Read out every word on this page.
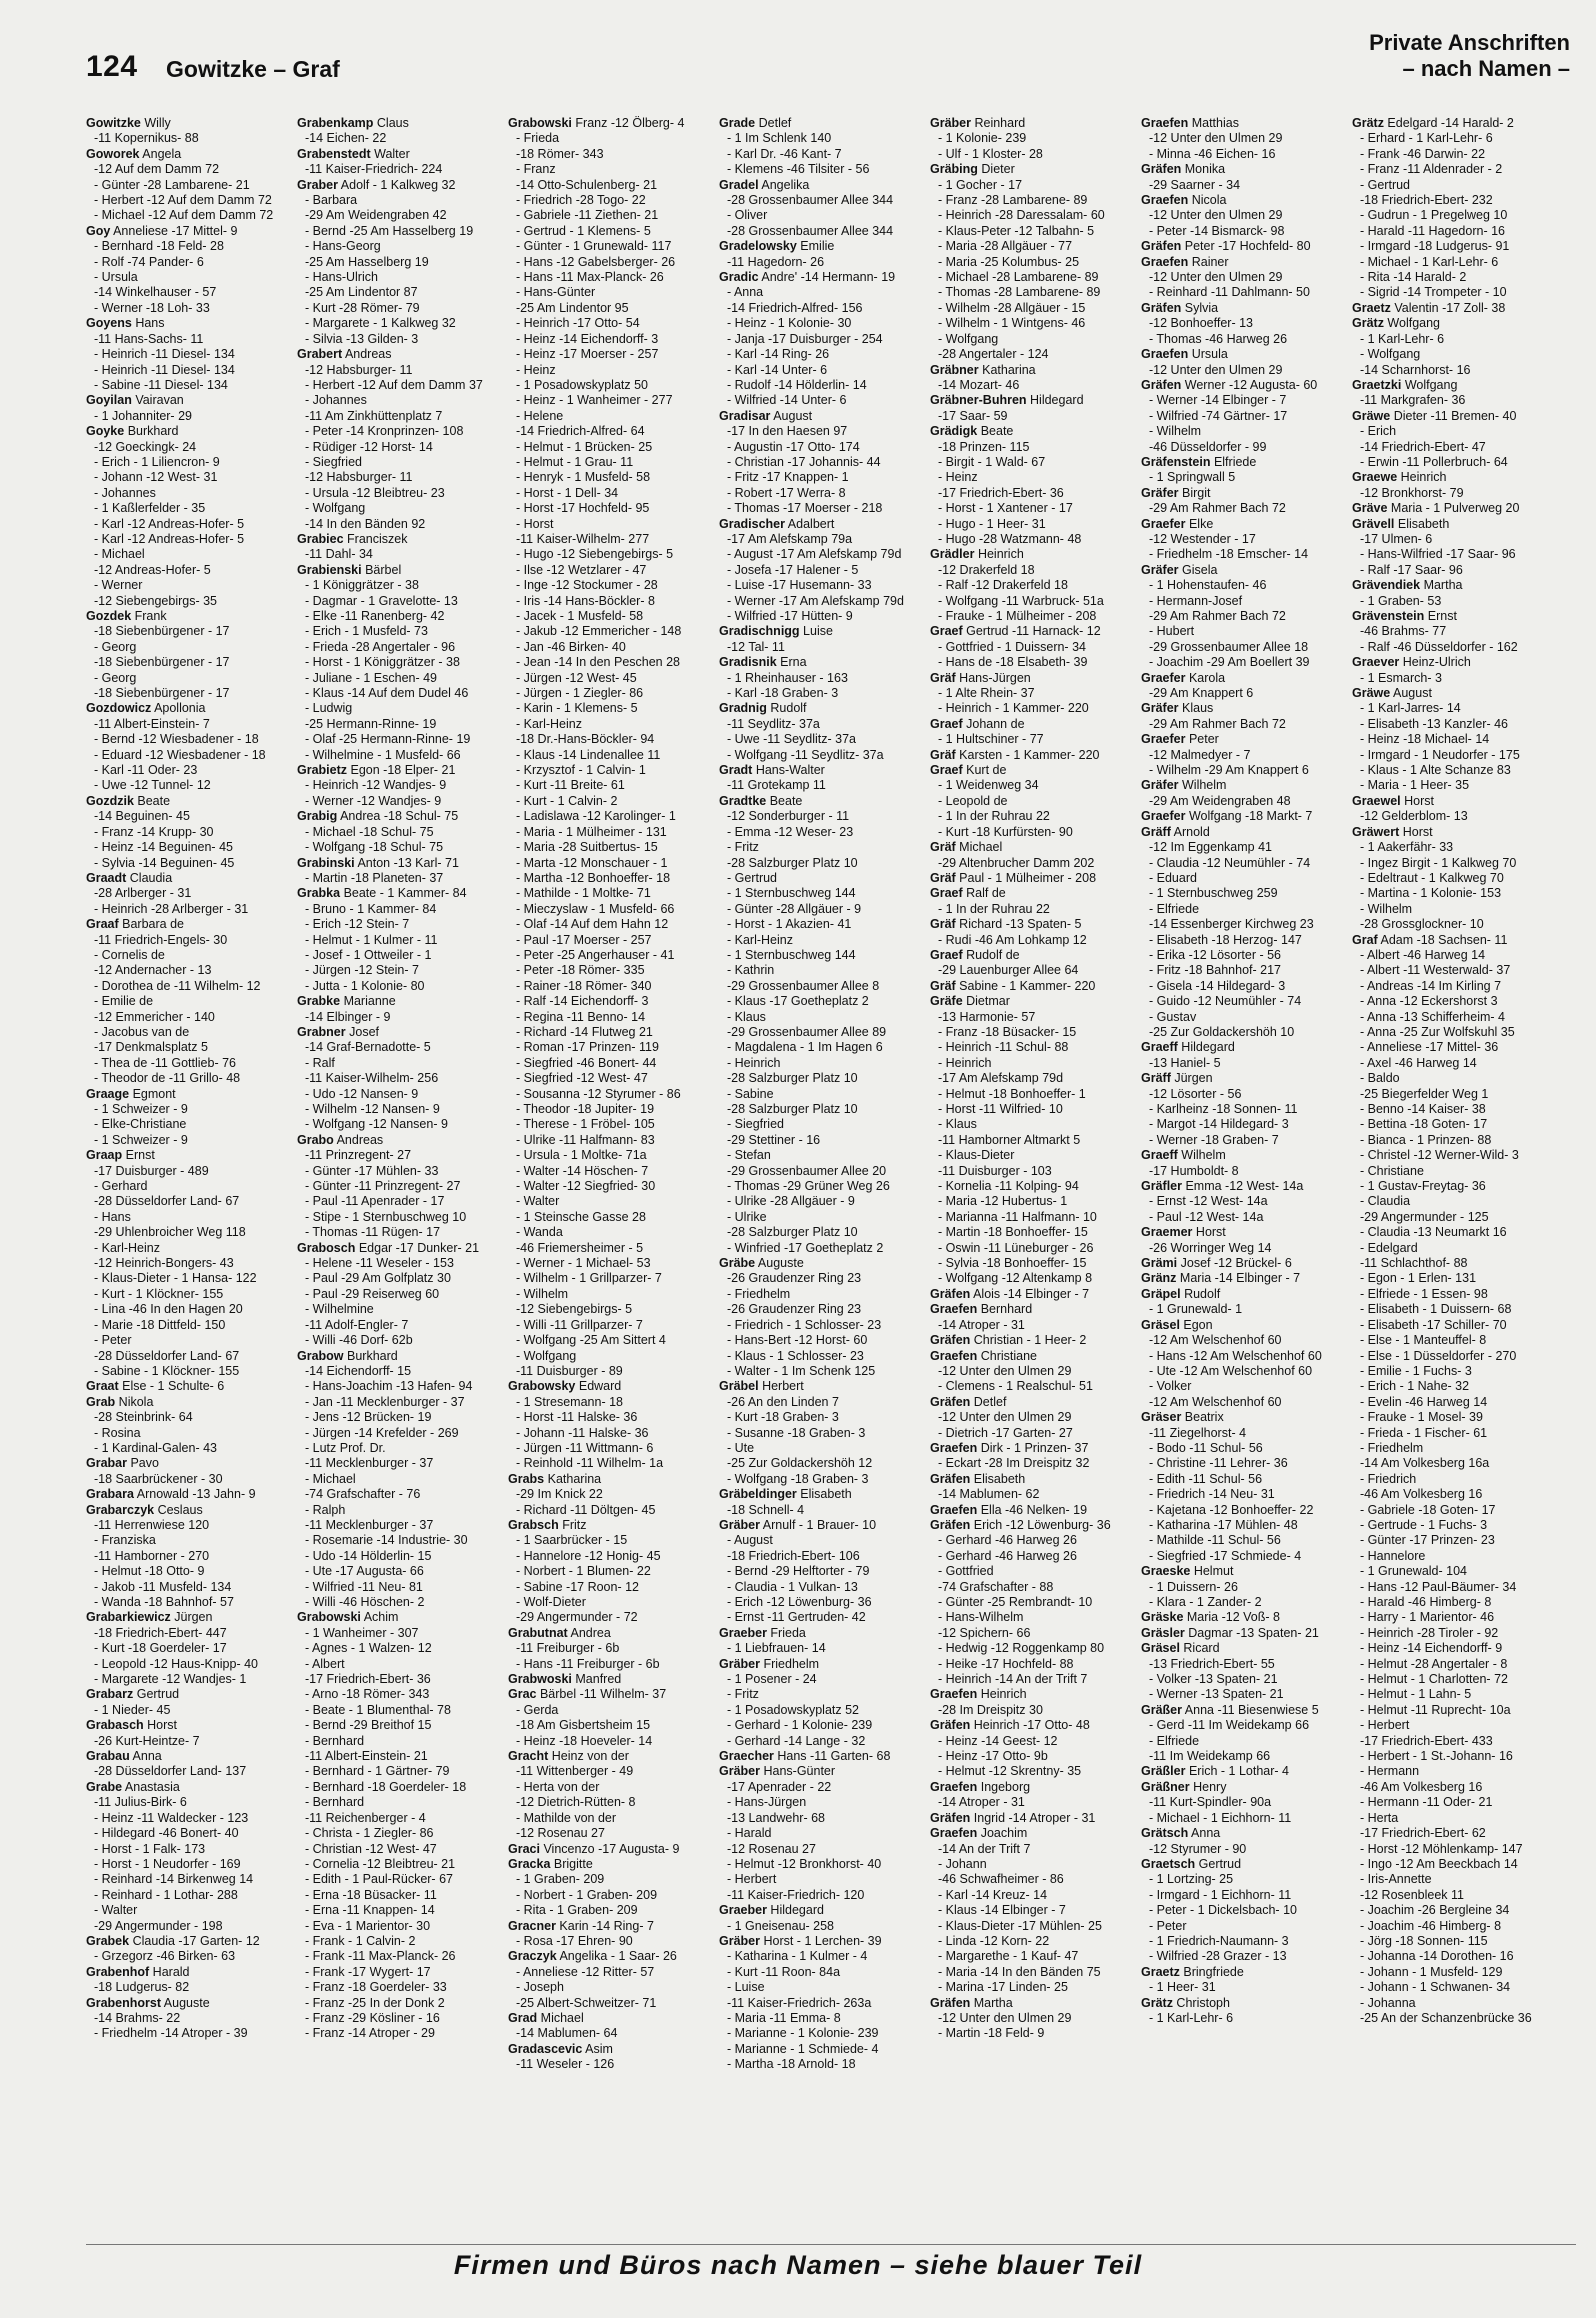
124 Gowitzke – Graf
Private Anschriften
– nach Namen –
Gowitzke Willy
-11 Kopernikus- 88
Goworek Angela
-12 Auf dem Damm 72
- Günter -28 Lambarene- 21
- Herbert -12 Auf dem Damm 72
- Michael -12 Auf dem Damm 72
Goy Anneliese -17 Mittel- 9
- Bernhard -18 Feld- 28
- Rolf -74 Pander- 6
- Ursula
-14 Winkelhauser - 57
- Werner -18 Loh- 33
Goyens Hans
-11 Hans-Sachs- 11
- Heinrich -11 Diesel- 134
- Heinrich -11 Diesel- 134
- Sabine -11 Diesel- 134
Goyilan Vairavan
- 1 Johanniter- 29
Goyke Burkhard
-12 Goeckingk- 24
- Erich - 1 Liliencron- 9
- Johann -12 West- 31
- Johannes
- 1 Kaßlerfelder - 35
- Karl -12 Andreas-Hofer- 5
- Karl -12 Andreas-Hofer- 5
- Michael
-12 Andreas-Hofer- 5
- Werner
-12 Siebengebirgs- 35
Gozdek Frank
-18 Siebenbürgener - 17
- Georg
-18 Siebenbürgener - 17
- Georg
-18 Siebenbürgener - 17
Gozdowicz Apollonia
-11 Albert-Einstein- 7
- Bernd -12 Wiesbadener - 18
- Eduard -12 Wiesbadener - 18
- Karl -11 Oder- 23
- Uwe -12 Tunnel- 12
Gozdzik Beate
-14 Beguinen- 45
- Franz -14 Krupp- 30
- Heinz -14 Beguinen- 45
- Sylvia -14 Beguinen- 45
Graadt Claudia
-28 Arlberger - 31
- Heinrich -28 Arlberger - 31
Graaf Barbara de
-11 Friedrich-Engels- 30
- Cornelis de
-12 Andernacher - 13
- Dorothea de -11 Wilhelm- 12
- Emilie de
-12 Emmericher - 140
- Jacobus van de
-17 Denkmalsplatz 5
- Thea de -11 Gottlieb- 76
- Theodor de -11 Grillo- 48
Graage Egmont
- 1 Schweizer - 9
- Elke-Christiane
- 1 Schweizer - 9
Graap Ernst
-17 Duisburger - 489
- Gerhard
-28 Düsseldorfer Land- 67
- Hans
-29 Uhlenbroicher Weg 118
- Karl-Heinz
-12 Heinrich-Bongers- 43
- Klaus-Dieter - 1 Hansa- 122
- Kurt - 1 Klöckner- 155
- Lina -46 In den Hagen 20
- Marie -18 Dittfeld- 150
- Peter
-28 Düsseldorfer Land- 67
- Sabine - 1 Klöckner- 155
Graat Else - 1 Schulte- 6
Grab Nikola
-28 Steinbrink- 64
- Rosina
- 1 Kardinal-Galen- 43
Grabar Pavo
-18 Saarbrückener - 30
Grabara Arnowald -13 Jahn- 9
Grabarczyk Ceslaus
-11 Herrenwiese 120
- Franziska
-11 Hamborner - 270
- Helmut -18 Otto- 9
- Jakob -11 Musfeld- 134
- Wanda -18 Bahnhof- 57
Grabarkiewicz Jürgen
-18 Friedrich-Ebert- 447
- Kurt -18 Goerdeler- 17
- Leopold -12 Haus-Knipp- 40
- Margarete -12 Wandjes- 1
Grabarz Gertrud
- 1 Nieder- 45
Grabasch Horst
-26 Kurt-Heintze- 7
Grabau Anna
-28 Düsseldorfer Land- 137
Grabe Anastasia
-11 Julius-Birk- 6
- Heinz -11 Waldecker - 123
- Hildegard -46 Bonert- 40
- Horst - 1 Falk- 173
- Horst - 1 Neudorfer - 169
- Reinhard -14 Birkenweg 14
- Reinhard - 1 Lothar- 288
- Walter
-29 Angermunder - 198
Grabek Claudia -17 Garten- 12
- Grzegorz -46 Birken- 63
Grabenhof Harald
-18 Ludgerus- 82
Grabenhorst Auguste
-14 Brahms- 22
- Friedhelm -14 Atroper - 39
Grabenkamp Claus
-14 Eichen- 22
Grabenstedt Walter
-11 Kaiser-Friedrich- 224
Graber Adolf - 1 Kalkweg 32
- Barbara
-29 Am Weidengraben 42
- Bernd -25 Am Hasselberg 19
- Hans-Georg
-25 Am Hasselberg 19
- Hans-Ulrich
-25 Am Lindentor 87
- Kurt -28 Römer- 79
- Margarete - 1 Kalkweg 32
- Silvia -13 Gilden- 3
Grabert Andreas
-12 Habsburger- 11
- Herbert -12 Auf dem Damm 37
- Johannes
-11 Am Zinkhüttenplatz 7
- Peter -14 Kronprinzen- 108
- Rüdiger -12 Horst- 14
- Siegfried
-12 Habsburger- 11
- Ursula -12 Bleibtreu- 23
- Wolfgang
-14 In den Bänden 92
Grabiec Franciszek
-11 Dahl- 34
Grabienski Bärbel
- 1 Königgrätzer - 38
- Dagmar - 1 Gravelotte- 13
- Elke -11 Ranenberg- 42
- Erich - 1 Musfeld- 73
- Frieda -28 Angertaler - 96
- Horst - 1 Königgrätzer - 38
- Juliane - 1 Eschen- 49
- Klaus -14 Auf dem Dudel 46
- Ludwig
-25 Hermann-Rinne- 19
- Olaf -25 Hermann-Rinne- 19
- Wilhelmine - 1 Musfeld- 66
Grabietz Egon -18 Elper- 21
- Heinrich -12 Wandjes- 9
- Werner -12 Wandjes- 9
Grabig Andrea -18 Schul- 75
- Michael -18 Schul- 75
- Wolfgang -18 Schul- 75
Grabinski Anton -13 Karl- 71
- Martin -18 Planeten- 37
Grabka Beate - 1 Kammer- 84
- Bruno - 1 Kammer- 84
- Erich -12 Stein- 7
- Helmut - 1 Kulmer - 11
- Josef - 1 Ottweiler - 1
- Jürgen -12 Stein- 7
- Jutta - 1 Kolonie- 80
Grabke Marianne
-14 Elbinger - 9
Grabner Josef
-14 Graf-Bernadotte- 5
- Ralf
-11 Kaiser-Wilhelm- 256
- Udo -12 Nansen- 9
- Wilhelm -12 Nansen- 9
- Wolfgang -12 Nansen- 9
Grabo Andreas
-11 Prinzregent- 27
- Günter -17 Mühlen- 33
- Günter -11 Prinzregent- 27
- Paul -11 Apenrader - 17
- Stipe - 1 Sternbuschweg 10
- Thomas -11 Rügen- 17
Grabosch Edgar -17 Dunker- 21
- Helene -11 Weseler - 153
- Paul -29 Am Golfplatz 30
- Paul -29 Reiserweg 60
- Wilhelmine
-11 Adolf-Engler- 7
- Willi -46 Dorf- 62b
Grabow Burkhard
-14 Eichendorff- 15
- Hans-Joachim -13 Hafen- 94
- Jan -11 Mecklenburger - 37
- Jens -12 Brücken- 19
- Jürgen -14 Krefelder - 269
- Lutz Prof. Dr.
-11 Mecklenburger - 37
- Michael
-74 Grafschafter - 76
- Ralph
-11 Mecklenburger - 37
- Rosemarie -14 Industrie- 30
- Udo -14 Hölderlin- 15
- Ute -17 Augusta- 66
- Wilfried -11 Neu- 81
- Willi -46 Höschen- 2
Grabowski Achim
- 1 Wanheimer - 307
- Agnes - 1 Walzen- 12
- Albert
-17 Friedrich-Ebert- 36
- Arno -18 Römer- 343
- Beate - 1 Blumenthal- 78
- Bernd -29 Breithof 15
- Bernhard
-11 Albert-Einstein- 21
- Bernhard - 1 Gärtner- 79
- Bernhard -18 Goerdeler- 18
- Bernhard
-11 Reichenberger - 4
- Christa - 1 Ziegler- 86
- Christian -12 West- 47
- Cornelia -12 Bleibtreu- 21
- Edith - 1 Paul-Rücker- 67
- Erna -18 Büsacker- 11
- Erna -11 Knappen- 14
- Eva - 1 Marientor- 30
- Frank - 1 Calvin- 2
- Frank -11 Max-Planck- 26
- Frank -17 Wygert- 17
- Franz -18 Goerdeler- 33
- Franz -25 In der Donk 2
- Franz -29 Kösliner - 16
- Franz -14 Atroper - 29
Grabowski Franz -12 Ölberg- 4
- Frieda
-18 Römer- 343
- Franz
-14 Otto-Schulenberg- 21
- Friedrich -28 Togo- 22
- Gabriele -11 Ziethen- 21
- Gertrud - 1 Klemens- 5
- Günter - 1 Grunewald- 117
- Hans -12 Gabelsberger- 26
- Hans -11 Max-Planck- 26
- Hans-Günter
-25 Am Lindentor 95
- Heinrich -17 Otto- 54
- Heinz -14 Eichendorff- 3
- Heinz -17 Moerser - 257
- Heinz
- 1 Posadowskyplatz 50
- Heinz - 1 Wanheimer - 277
- Helene
-14 Friedrich-Alfred- 64
- Helmut - 1 Brücken- 25
- Helmut - 1 Grau- 11
- Henryk - 1 Musfeld- 58
- Horst - 1 Dell- 34
- Horst -17 Hochfeld- 95
- Horst
-11 Kaiser-Wilhelm- 277
- Hugo -12 Siebengebirgs- 5
- Ilse -12 Wetzlarer - 47
- Inge -12 Stockumer - 28
- Iris -14 Hans-Böckler- 8
- Jacek - 1 Musfeld- 58
- Jakub -12 Emmericher - 148
- Jan -46 Birken- 40
- Jean -14 In den Peschen 28
- Jürgen -12 West- 45
- Jürgen - 1 Ziegler- 86
- Karin - 1 Klemens- 5
- Karl-Heinz
-18 Dr.-Hans-Böckler- 94
- Klaus -14 Lindenallee 11
- Krzysztof - 1 Calvin- 1
- Kurt -11 Breite- 61
- Kurt - 1 Calvin- 2
- Ladislawa -12 Karolinger- 1
- Maria - 1 Mülheimer - 131
- Maria -28 Suitbertus- 15
- Marta -12 Monschauer - 1
- Martha -12 Bonhoeffer- 18
- Mathilde - 1 Moltke- 71
- Mieczyslaw - 1 Musfeld- 66
- Olaf -14 Auf dem Hahn 12
- Paul -17 Moerser - 257
- Peter -25 Angerhauser - 41
- Peter -18 Römer- 335
- Rainer -18 Römer- 340
- Ralf -14 Eichendorff- 3
- Regina -11 Benno- 14
- Richard -14 Flutweg 21
- Roman -17 Prinzen- 119
- Siegfried -46 Bonert- 44
- Siegfried -12 West- 47
- Sousanna -12 Styrumer - 86
- Theodor -18 Jupiter- 19
- Therese - 1 Fröbel- 105
- Ulrike -11 Halfmann- 83
- Ursula - 1 Moltke- 71a
- Walter -14 Höschen- 7
- Walter -12 Siegfried- 30
- Walter
- 1 Steinsche Gasse 28
- Wanda
-46 Friemersheimer - 5
- Werner - 1 Michael- 53
- Wilhelm - 1 Grillparzer- 7
- Wilhelm
-12 Siebengebirgs- 5
- Willi -11 Grillparzer- 7
- Wolfgang -25 Am Sittert 4
- Wolfgang
-11 Duisburger - 89
Grabowsky Edward
- 1 Stresemann- 18
- Horst -11 Halske- 36
- Johann -11 Halske- 36
- Jürgen -11 Wittmann- 6
- Reinhold -11 Wilhelm- 1a
Grabs Katharina
-29 Im Knick 22
- Richard -11 Döltgen- 45
Grabsch Fritz
- 1 Saarbrücker - 15
- Hannelore -12 Honig- 45
- Norbert - 1 Blumen- 22
- Sabine -17 Roon- 12
- Wolf-Dieter
-29 Angermunder - 72
Grabutnat Andrea
-11 Freiburger - 6b
- Hans -11 Freiburger - 6b
Grabwoski Manfred
Grac Bärbel -11 Wilhelm- 37
- Gerda
-18 Am Gisbertsheim 15
- Heinz -18 Hoeveler- 14
Gracht Heinz von der
-11 Wittenberger - 49
- Herta von der
-12 Dietrich-Rütten- 8
- Mathilde von der
-12 Rosenau 27
Graci Vincenzo -17 Augusta- 9
Gracka Brigitte
- 1 Graben- 209
- Norbert - 1 Graben- 209
- Rita - 1 Graben- 209
Gracner Karin -14 Ring- 7
- Rosa -17 Ehren- 90
Graczyk Angelika - 1 Saar- 26
- Anneliese -12 Ritter- 57
- Joseph
-25 Albert-Schweitzer- 71
Grad Michael
-14 Mablumen- 64
Gradascevic Asim
-11 Weseler - 126
Grade Detlef
- 1 Im Schlenk 140
- Karl Dr. -46 Kant- 7
- Klemens -46 Tilsiter - 56
Gradel Angelika
-28 Grossenbaumer Allee 344
- Oliver
-28 Grossenbaumer Allee 344
Gradelowsky Emilie
-11 Hagedorn- 26
Gradic Andre' -14 Hermann- 19
- Anna
-14 Friedrich-Alfred- 156
- Heinz - 1 Kolonie- 30
- Janja -17 Duisburger - 254
- Karl -14 Ring- 26
- Karl -14 Unter- 6
- Rudolf -14 Hölderlin- 14
- Wilfried -14 Unter- 6
Gradisar August
-17 In den Haesen 97
- Augustin -17 Otto- 174
- Christian -17 Johannis- 44
- Fritz -17 Knappen- 1
- Robert -17 Werra- 8
- Thomas -17 Moerser - 218
Gradischer Adalbert
-17 Am Alefskamp 79a
- August -17 Am Alefskamp 79d
- Josefa -17 Halener - 5
- Luise -17 Husemann- 33
- Werner -17 Am Alefskamp 79d
- Wilfried -17 Hütten- 9
Gradischnigg Luise
-12 Tal- 11
Gradisnik Erna
- 1 Rheinhauser - 163
- Karl -18 Graben- 3
Gradnig Rudolf
-11 Seydlitz- 37a
- Uwe -11 Seydlitz- 37a
- Wolfgang -11 Seydlitz- 37a
Gradt Hans-Walter
-11 Grotekamp 11
Gradtke Beate
-12 Sonderburger - 11
- Emma -12 Weser- 23
- Fritz
-28 Salzburger Platz 10
- Gertrud
- 1 Sternbuschweg 144
- Günter -28 Allgäuer - 9
- Horst - 1 Akazien- 41
- Karl-Heinz
- 1 Sternbuschweg 144
- Kathrin
-29 Grossenbaumer Allee 8
- Klaus -17 Goetheplatz 2
- Klaus
-29 Grossenbaumer Allee 89
- Magdalena - 1 Im Hagen 6
- Heinrich
-28 Salzburger Platz 10
- Sabine
-28 Salzburger Platz 10
- Siegfried
-29 Stettiner - 16
- Stefan
-29 Grossenbaumer Allee 20
- Thomas -29 Grüner Weg 26
- Ulrike -28 Allgäuer - 9
- Ulrike
-28 Salzburger Platz 10
- Winfried -17 Goetheplatz 2
Gräbe Auguste
-26 Graudenzer Ring 23
- Friedhelm
-26 Graudenzer Ring 23
- Friedrich - 1 Schlosser- 23
- Hans-Bert -12 Horst- 60
- Klaus - 1 Schlosser- 23
- Walter - 1 Im Schenk 125
Gräbel Herbert
-26 An den Linden 7
- Kurt -18 Graben- 3
- Susanne -18 Graben- 3
- Ute
-25 Zur Goldackershöh 12
- Wolfgang -18 Graben- 3
Gräbeldinger Elisabeth
-18 Schnell- 4
Gräber Arnulf - 1 Brauer- 10
- August
-18 Friedrich-Ebert- 106
- Bernd -29 Helftorter - 79
- Claudia - 1 Vulkan- 13
- Erich -12 Löwenburg- 36
- Ernst -11 Gertruden- 42
Graeber Frieda
- 1 Liebfrauen- 14
Gräber Friedhelm
- 1 Posener - 24
- Fritz
- 1 Posadowskyplatz 52
- Gerhard - 1 Kolonie- 239
- Gerhard -14 Lange - 32
Graecher Hans -11 Garten- 68
Gräber Hans-Günter
-17 Apenrader - 22
- Hans-Jürgen
-13 Landwehr- 68
- Harald
-12 Rosenau 27
- Helmut -12 Bronkhorst- 40
- Herbert
-11 Kaiser-Friedrich- 120
Graeber Hildegard
- 1 Gneisenau- 258
Gräber Horst - 1 Lerchen- 39
- Katharina - 1 Kulmer - 4
- Kurt -11 Roon- 84a
- Luise
-11 Kaiser-Friedrich- 263a
- Maria -11 Emma- 8
- Marianne - 1 Kolonie- 239
- Marianne - 1 Schmiede- 4
- Martha -18 Arnold- 18
Gräber Reinhard
- 1 Kolonie- 239
- Ulf - 1 Kloster- 28
Gräbing Dieter
- 1 Gocher - 17
- Franz -28 Lambarene- 89
- Heinrich -28 Daressalam- 60
- Klaus-Peter -12 Talbahn- 5
- Maria -28 Allgäuer - 77
- Maria -25 Kolumbus- 25
- Michael -28 Lambarene- 89
- Thomas -28 Lambarene- 89
- Wilhelm -28 Allgäuer - 15
- Wilhelm - 1 Wintgens- 46
- Wolfgang
-28 Angertaler - 124
Gräbner Katharina
-14 Mozart- 46
Gräbner-Buhren Hildegard
-17 Saar- 59
Grädigk Beate
-18 Prinzen- 115
- Birgit - 1 Wald- 67
- Heinz
-17 Friedrich-Ebert- 36
- Horst - 1 Xantener - 17
- Hugo - 1 Heer- 31
- Hugo -28 Watzmann- 48
Grädler Heinrich
-12 Drakerfeld 18
- Ralf -12 Drakerfeld 18
- Wolfgang -11 Warbruck- 51a
- Frauke - 1 Mülheimer - 208
Graef Gertrud -11 Harnack- 12
- Gottfried - 1 Duissern- 34
- Hans de -18 Elsabeth- 39
Gräf Hans-Jürgen
- 1 Alte Rhein- 37
- Heinrich - 1 Kammer- 220
Graef Johann de
- 1 Hultschiner - 77
Gräf Karsten - 1 Kammer- 220
Graef Kurt de
- 1 Weidenweg 34
- Leopold de
- 1 In der Ruhrau 22
- Kurt -18 Kurfürsten- 90
Gräf Michael
-29 Altenbrucher Damm 202
Gräf Paul - 1 Mülheimer - 208
Graef Ralf de
- 1 In der Ruhrau 22
Gräf Richard -13 Spaten- 5
- Rudi -46 Am Lohkamp 12
Graef Rudolf de
-29 Lauenburger Allee 64
Gräf Sabine - 1 Kammer- 220
Gräfe Dietmar
-13 Harmonie- 57
- Franz -18 Büsacker- 15
- Heinrich -11 Schul- 88
- Heinrich
-17 Am Alefskamp 79d
- Helmut -18 Bonhoeffer- 1
- Horst -11 Wilfried- 10
- Klaus
-11 Hamborner Altmarkt 5
- Klaus-Dieter
-11 Duisburger - 103
- Kornelia -11 Kolping- 94
- Maria -12 Hubertus- 1
- Marianna -11 Halfmann- 10
- Martin -18 Bonhoeffer- 15
- Oswin -11 Lüneburger - 26
- Sylvia -18 Bonhoeffer- 15
- Wolfgang -12 Altenkamp 8
Gräfen Alois -14 Elbinger - 7
Graefen Bernhard
-14 Atroper - 31
Gräfen Christian - 1 Heer- 2
Graefen Christiane
-12 Unter den Ulmen 29
- Clemens - 1 Realschul- 51
Gräfen Detlef
-12 Unter den Ulmen 29
- Dietrich -17 Garten- 27
Graefen Dirk - 1 Prinzen- 37
- Eckart -28 Im Dreispitz 32
Gräfen Elisabeth
-14 Mablumen- 62
Graefen Ella -46 Nelken- 19
Gräfen Erich -12 Löwenburg- 36
- Gerhard -46 Harweg 26
- Gerhard -46 Harweg 26
- Gottfried
-74 Grafschafter - 88
- Günter -25 Rembrandt- 10
- Hans-Wilhelm
-12 Spichern- 66
- Hedwig -12 Roggenkamp 80
- Heike -17 Hochfeld- 88
- Heinrich -14 An der Trift 7
Graefen Heinrich
-28 Im Dreispitz 30
Gräfen Heinrich -17 Otto- 48
- Heinz -14 Geest- 12
- Heinz -17 Otto- 9b
- Helmut -12 Skrentny- 35
Graefen Ingeborg
-14 Atroper - 31
Gräfen Ingrid -14 Atroper - 31
Graefen Joachim
-14 An der Trift 7
- Johann
-46 Schwafheimer - 86
- Karl -14 Kreuz- 14
- Klaus -14 Elbinger - 7
- Klaus-Dieter -17 Mühlen- 25
- Linda -12 Korn- 22
- Margarethe - 1 Kauf- 47
- Maria -14 In den Bänden 75
- Marina -17 Linden- 25
Gräfen Martha
-12 Unter den Ulmen 29
- Martin -18 Feld- 9
Graefen Matthias
-12 Unter den Ulmen 29
- Minna -46 Eichen- 16
Gräfen Monika
-29 Saarner - 34
Graefen Nicola
-12 Unter den Ulmen 29
- Peter -14 Bismarck- 98
Gräfen Peter -17 Hochfeld- 80
Graefen Rainer
-12 Unter den Ulmen 29
- Reinhard -11 Dahlmann- 50
Gräfen Sylvia
-12 Bonhoeffer- 13
- Thomas -46 Harweg 26
Graefen Ursula
-12 Unter den Ulmen 29
Gräfen Werner -12 Augusta- 60
- Werner -14 Elbinger - 7
- Wilfried -74 Gärtner- 17
- Wilhelm
-46 Düsseldorfer - 99
Gräfenstein Elfriede
- 1 Springwall 5
Gräfer Birgit
-29 Am Rahmer Bach 72
Graefer Elke
-12 Westender - 17
- Friedhelm -18 Emscher- 14
Gräfer Gisela
- 1 Hohenstaufen- 46
- Hermann-Josef
-29 Am Rahmer Bach 72
- Hubert
-29 Grossenbaumer Allee 18
- Joachim -29 Am Boellert 39
Graefer Karola
-29 Am Knappert 6
Gräfer Klaus
-29 Am Rahmer Bach 72
Graefer Peter
-12 Malmedyer - 7
- Wilhelm -29 Am Knappert 6
Gräfer Wilhelm
-29 Am Weidengraben 48
Graefer Wolfgang -18 Markt- 7
Gräff Arnold
-12 Im Eggenkamp 41
- Claudia -12 Neumühler - 74
- Eduard
- 1 Sternbuschweg 259
- Elfriede
-14 Essenberger Kirchweg 23
- Elisabeth -18 Herzog- 147
- Erika -12 Lösorter - 56
- Fritz -18 Bahnhof- 217
- Gisela -14 Hildegard- 3
- Guido -12 Neumühler - 74
- Gustav
-25 Zur Goldackershöh 10
Graeff Hildegard
-13 Haniel- 5
Gräff Jürgen
-12 Lösorter - 56
- Karlheinz -18 Sonnen- 11
- Margot -14 Hildegard- 3
- Werner -18 Graben- 7
Graeff Wilhelm
-17 Humboldt- 8
Gräfler Emma -12 West- 14a
- Ernst -12 West- 14a
- Paul -12 West- 14a
Graemer Horst
-26 Worringer Weg 14
Grämi Josef -12 Brückel- 6
Gränz Maria -14 Elbinger - 7
Gräpel Rudolf
- 1 Grunewald- 1
Gräsel Egon
-12 Am Welschenhof 60
- Hans -12 Am Welschenhof 60
- Ute -12 Am Welschenhof 60
- Volker
-12 Am Welschenhof 60
Gräser Beatrix
-11 Ziegelhorst- 4
- Bodo -11 Schul- 56
- Christine -11 Lehrer- 36
- Edith -11 Schul- 56
- Friedrich -14 Neu- 31
- Kajetana -12 Bonhoeffer- 22
- Katharina -17 Mühlen- 48
- Mathilde -11 Schul- 56
- Siegfried -17 Schmiede- 4
Graeske Helmut
- 1 Duissern- 26
- Klara - 1 Zander- 2
Gräske Maria -12 Voß- 8
Gräsler Dagmar -13 Spaten- 21
Gräsel Ricard
-13 Friedrich-Ebert- 55
- Volker -13 Spaten- 21
- Werner -13 Spaten- 21
Gräßer Anna -11 Biesenwiese 5
- Gerd -11 Im Weidekamp 66
- Elfriede
-11 Im Weidekamp 66
Gräßler Erich - 1 Lothar- 4
Gräßner Henry
-11 Kurt-Spindler- 90a
- Michael - 1 Eichhorn- 11
Grätsch Anna
-12 Styrumer - 90
Graetsch Gertrud
- 1 Lortzing- 25
- Irmgard - 1 Eichhorn- 11
- Peter - 1 Dickelsbach- 10
- Peter
- 1 Friedrich-Naumann- 3
- Wilfried -28 Grazer - 13
Graetz Bringfriede
- 1 Heer- 31
Grätz Christoph
- 1 Karl-Lehr- 6
Grätz Edelgard -14 Harald- 2
- Erhard - 1 Karl-Lehr- 6
- Frank -46 Darwin- 22
- Franz -11 Aldenrader - 2
- Gertrud
-18 Friedrich-Ebert- 232
- Gudrun - 1 Pregelweg 10
- Harald -11 Hagedorn- 16
- Irmgard -18 Ludgerus- 91
- Michael - 1 Karl-Lehr- 6
- Rita -14 Harald- 2
- Sigrid -14 Trompeter - 10
Graetz Valentin -17 Zoll- 38
Grätz Wolfgang
- 1 Karl-Lehr- 6
- Wolfgang
-14 Scharnhorst- 16
Graetzki Wolfgang
-11 Markgrafen- 36
Gräwe Dieter -11 Bremen- 40
- Erich
-14 Friedrich-Ebert- 47
- Erwin -11 Pollerbruch- 64
Graewe Heinrich
-12 Bronkhorst- 79
Gräve Maria - 1 Pulverweg 20
Grävell Elisabeth
-17 Ulmen- 6
- Hans-Wilfried -17 Saar- 96
- Ralf -17 Saar- 96
Grävendiek Martha
- 1 Graben- 53
Grävenstein Ernst
-46 Brahms- 77
- Ralf -46 Düsseldorfer - 162
Graever Heinz-Ulrich
- 1 Esmarch- 3
Gräwe August
- 1 Karl-Jarres- 14
- Elisabeth -13 Kanzler- 46
- Heinz -18 Michael- 14
- Irmgard - 1 Neudorfer - 175
- Klaus - 1 Alte Schanze 83
- Maria - 1 Heer- 35
Graewel Horst
-12 Gelderblom- 13
Gräwert Horst
- 1 Aakerfähr- 33
- Ingez Birgit - 1 Kalkweg 70
- Edeltraut - 1 Kalkweg 70
- Martina - 1 Kolonie- 153
- Wilhelm
-28 Grossglockner- 10
Graf Adam -18 Sachsen- 11
- Albert -46 Harweg 14
- Albert -11 Westerwald- 37
- Andreas -14 Im Kirling 7
- Anna -12 Eckershorst 3
- Anna -13 Schifferheim- 4
- Anna -25 Zur Wolfskuhl 35
- Anneliese -17 Mittel- 36
- Axel -46 Harweg 14
- Baldo
-25 Biegerfelder Weg 1
- Benno -14 Kaiser- 38
- Bettina -18 Goten- 17
- Bianca - 1 Prinzen- 88
- Christel -12 Werner-Wild- 3
- Christiane
- 1 Gustav-Freytag- 36
- Claudia
-29 Angermunder - 125
- Claudia -13 Neumarkt 16
- Edelgard
-11 Schlachthof- 88
- Egon - 1 Erlen- 131
- Elfriede - 1 Essen- 98
- Elisabeth - 1 Duissern- 68
- Elisabeth -17 Schiller- 70
- Else - 1 Manteuffel- 8
- Else - 1 Düsseldorfer - 270
- Emilie - 1 Fuchs- 3
- Erich - 1 Nahe- 32
- Evelin -46 Harweg 14
- Frauke - 1 Mosel- 39
- Frieda - 1 Fischer- 61
- Friedhelm
-14 Am Volkesberg 16a
- Friedrich
-46 Am Volkesberg 16
- Gabriele -18 Goten- 17
- Gertrude - 1 Fuchs- 3
- Günter -17 Prinzen- 23
- Hannelore
- 1 Grunewald- 104
- Hans -12 Paul-Bäumer- 34
- Harald -46 Himberg- 8
- Harry - 1 Marientor- 46
- Heinrich -28 Tiroler - 92
- Heinz -14 Eichendorff- 9
- Helmut -28 Angertaler - 8
- Helmut - 1 Charlotten- 72
- Helmut - 1 Lahn- 5
- Helmut -11 Ruprecht- 10a
- Herbert
-17 Friedrich-Ebert- 433
- Herbert - 1 St.-Johann- 16
- Hermann
-46 Am Volkesberg 16
- Hermann -11 Oder- 21
- Herta
-17 Friedrich-Ebert- 62
- Horst -12 Möhlenkamp- 147
- Ingo -12 Am Beeckbach 14
- Iris-Annette
-12 Rosenbleek 11
- Joachim -26 Bergleine 34
- Joachim -46 Himberg- 8
- Jörg -18 Sonnen- 115
- Johanna -14 Dorothen- 16
- Johann - 1 Musfeld- 129
- Johann - 1 Schwanen- 34
- Johanna
-25 An der Schanzenbrücke 36
Firmen und Büros nach Namen – siehe blauer Teil
